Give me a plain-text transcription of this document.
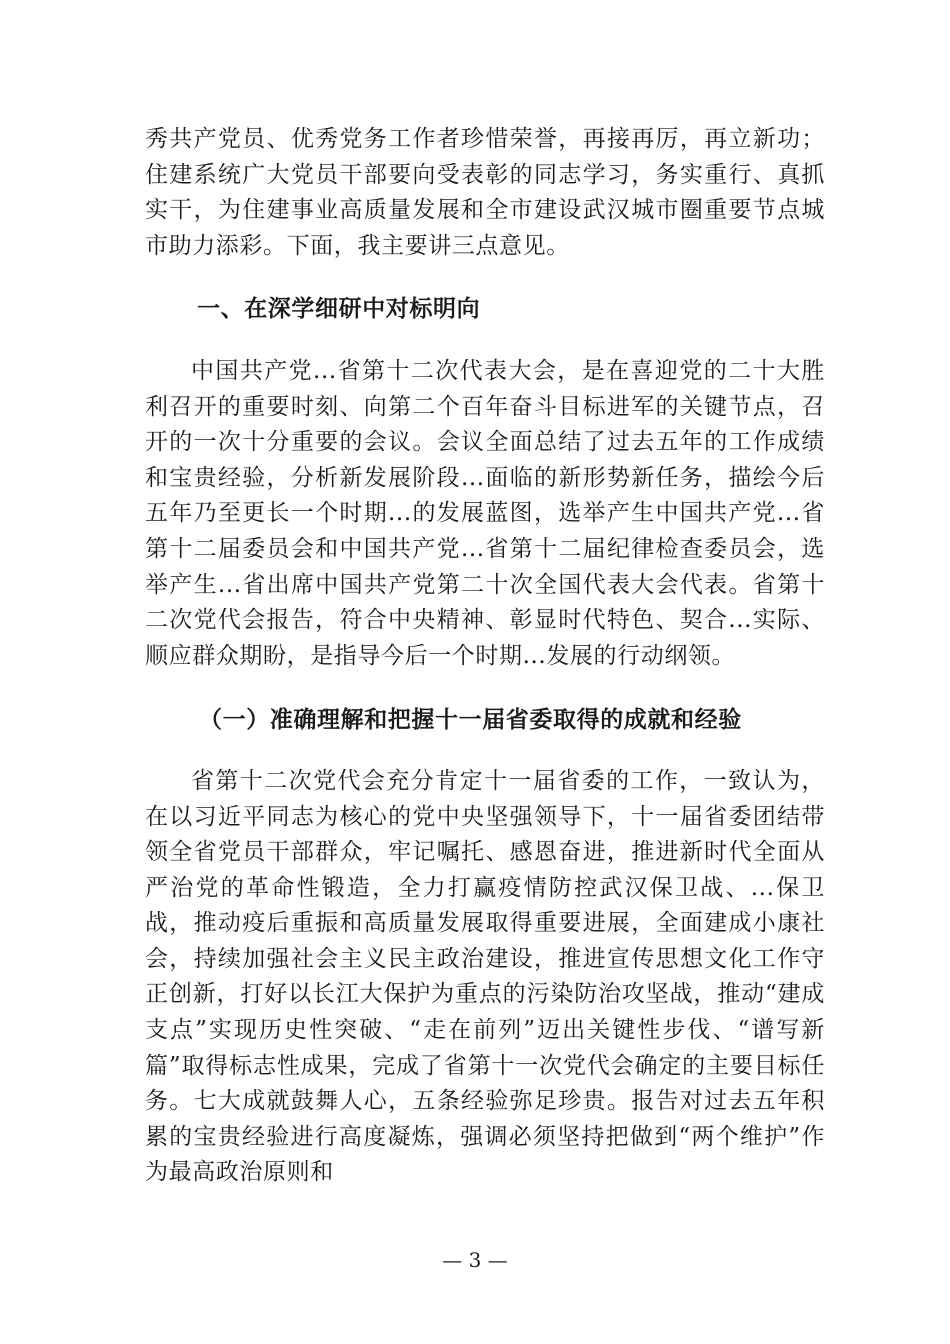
秀共产党员、优秀党务工作者珍惜荣誉，再接再厉，再立新功；住建系统广大党员干部要向受表彰的同志学习，务实重行、真抓实干，为住建事业高质量发展和全市建设武汉城市圈重要节点城市助力添彩。下面，我主要讲三点意见。

一、在深学细研中对标明向

中国共产党...省第十二次代表大会，是在喜迎党的二十大胜利召开的重要时刻、向第二个百年奋斗目标进军的关键节点，召开的一次十分重要的会议。会议全面总结了过去五年的工作成绩和宝贵经验，分析新发展阶段...面临的新形势新任务，描绘今后五年乃至更长一个时期...的发展蓝图，选举产生中国共产党...省第十二届委员会和中国共产党...省第十二届纪律检查委员会，选举产生...省出席中国共产党第二十次全国代表大会代表。省第十二次党代会报告，符合中央精神、彰显时代特色、契合...实际、顺应群众期盼，是指导今后一个时期...发展的行动纲领。

（一）准确理解和把握十一届省委取得的成就和经验

省第十二次党代会充分肯定十一届省委的工作，一致认为，在以习近平同志为核心的党中央坚强领导下，十一届省委团结带领全省党员干部群众，牢记嘱托、感恩奋进，推进新时代全面从严治党的革命性锻造，全力打赢疫情防控武汉保卫战、...保卫战，推动疫后重振和高质量发展取得重要进展，全面建成小康社会，持续加强社会主义民主政治建设，推进宣传思想文化工作守正创新，打好以长江大保护为重点的污染防治攻坚战，推动“建成支点”实现历史性突破、“走在前列”迈出关键性步伐、“谱写新篇”取得标志性成果，完成了省第十一次党代会确定的主要目标任务。七大成就鼓舞人心，五条经验弥足珍贵。报告对过去五年积累的宝贵经验进行高度凝炼，强调必须坚持把做到“两个维护”作为最高政治原则和

— 3 —
